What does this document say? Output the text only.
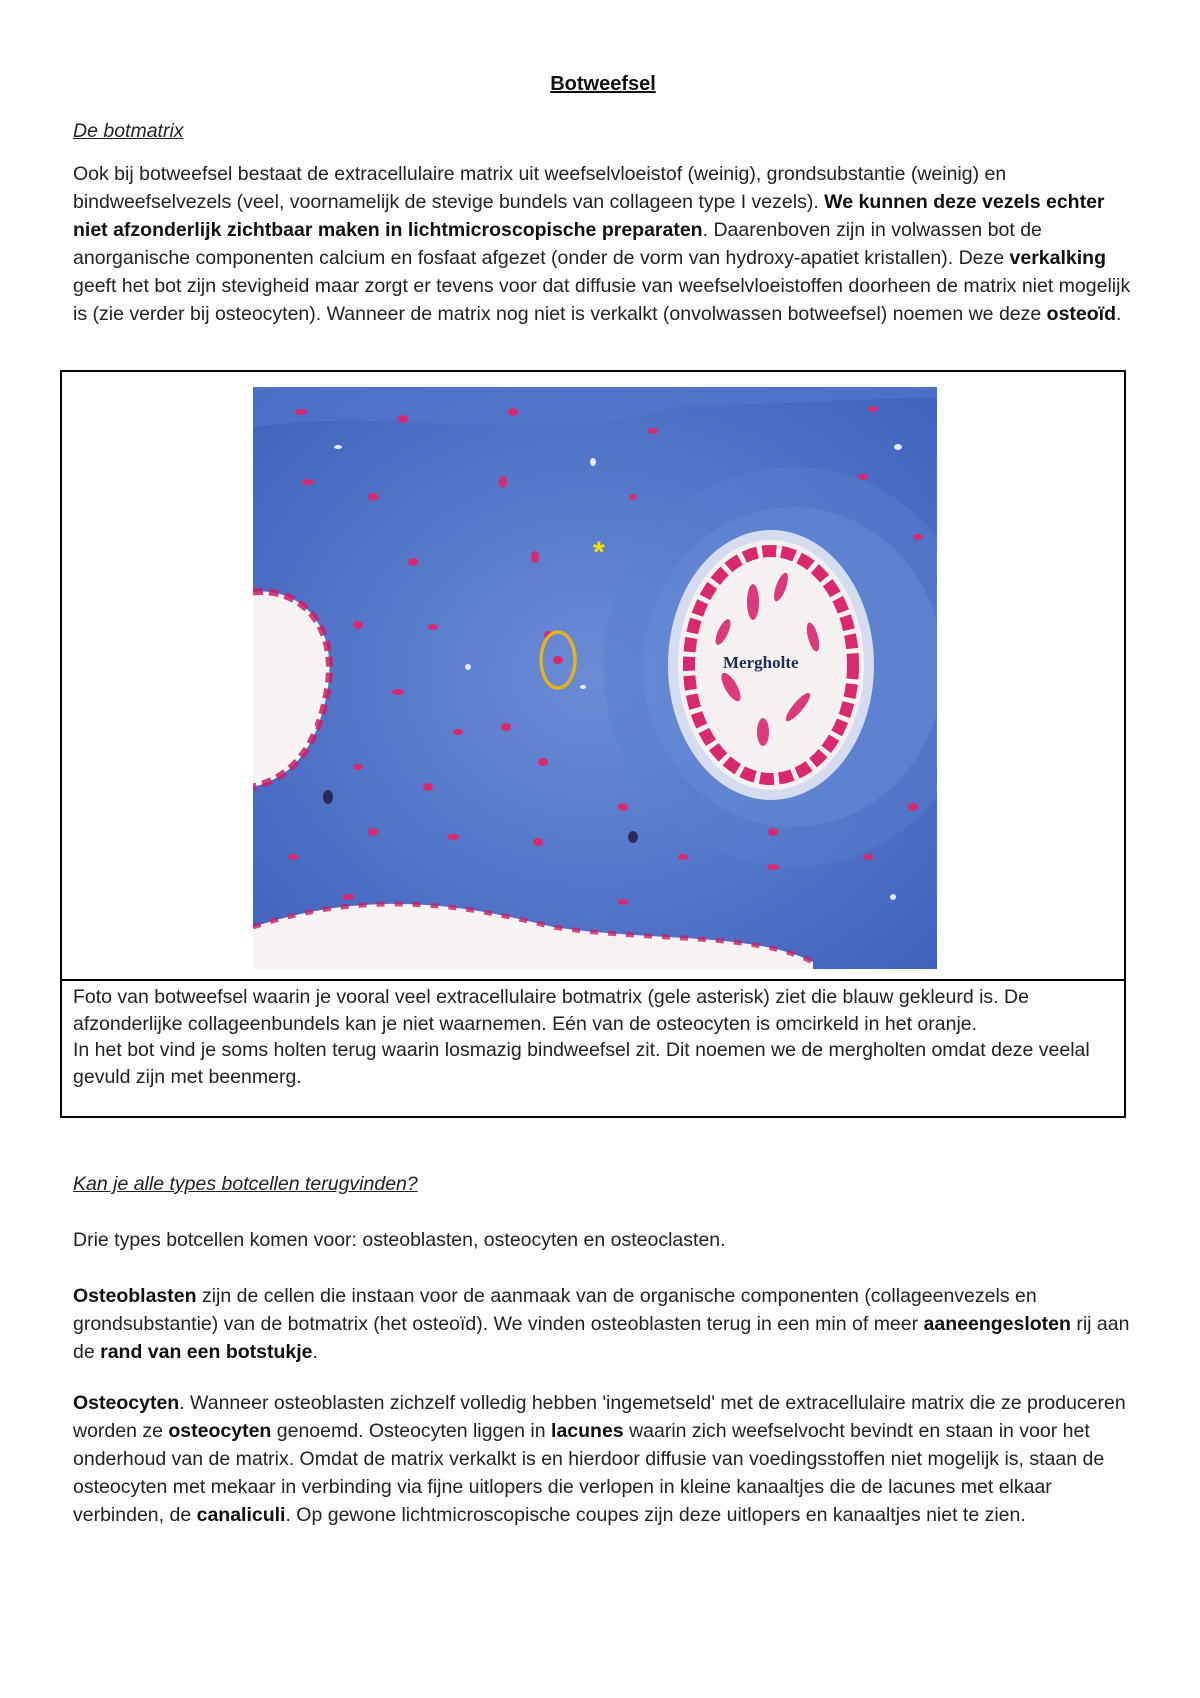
Botweefsel
De botmatrix

Ook bij botweefsel bestaat de extracellulaire matrix uit weefselvloeistof (weinig), grondsubstantie (weinig) en bindweefselvezels (veel, voornamelijk de stevige bundels van collageen type I vezels). We kunnen deze vezels echter niet afzonderlijk zichtbaar maken in lichtmicroscopische preparaten. Daarenboven zijn in volwassen bot de anorganische componenten calcium en fosfaat afgezet (onder de vorm van hydroxy-apatiet kristallen). Deze verkalking geeft het bot zijn stevigheid maar zorgt er tevens voor dat diffusie van weefselvloeistoffen doorheen de matrix niet mogelijk is (zie verder bij osteocyten). Wanneer de matrix nog niet is verkalkt (onvolwassen botweefsel) noemen we deze osteoïd.

Mergholte
*

Foto van botweefsel waarin je vooral veel extracellulaire botmatrix (gele asterisk) ziet die blauw gekleurd is. De afzonderlijke collageenbundels kan je niet waarnemen. Eén van de osteocyten is omcirkeld in het oranje.
In het bot vind je soms holten terug waarin losmazig bindweefsel zit. Dit noemen we de mergholten omdat deze veelal gevuld zijn met beenmerg.

Kan je alle types botcellen terugvinden?

Drie types botcellen komen voor: osteoblasten, osteocyten en osteoclasten.

Osteoblasten zijn de cellen die instaan voor de aanmaak van de organische componenten (collageenvezels en grondsubstantie) van de botmatrix (het osteoïd). We vinden osteoblasten terug in een min of meer aaneengesloten rij aan de rand van een botstukje.

Osteocyten. Wanneer osteoblasten zichzelf volledig hebben 'ingemetseld' met de extracellulaire matrix die ze produceren worden ze osteocyten genoemd. Osteocyten liggen in lacunes waarin zich weefselvocht bevindt en staan in voor het onderhoud van de matrix. Omdat de matrix verkalkt is en hierdoor diffusie van voedingsstoffen niet mogelijk is, staan de osteocyten met mekaar in verbinding via fijne uitlopers die verlopen in kleine kanaaltjes die de lacunes met elkaar verbinden, de canaliculi. Op gewone lichtmicroscopische coupes zijn deze uitlopers en kanaaltjes niet te zien.
